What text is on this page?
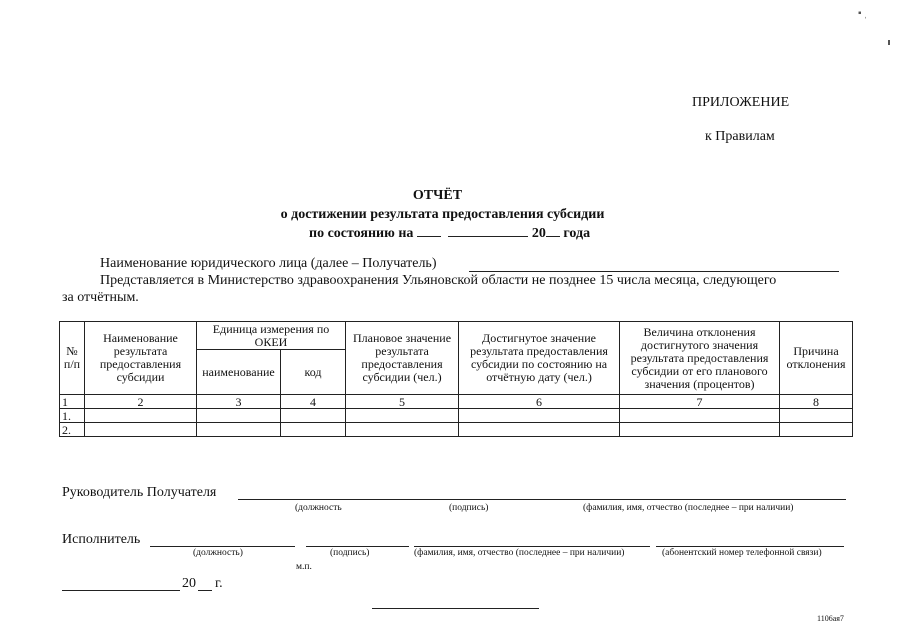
▪ ˌ
ПРИЛОЖЕНИЕ
к Правилам
ОТЧЁТ
о достижении результата предоставления субсидии
по состоянию на	20 года
Наименование юридического лица (далее – Получатель)
Представляется в Министерство здравоохранения Ульяновской области не позднее 15 числа месяца, следующего
за отчётным.
№ п/п	Наименование результата предоставления субсидии	Единица измерения по ОКЕИ		Плановое значение результата предоставления субсидии (чел.)	Достигнутое значение результата предоставления субсидии по состоянию на отчётную дату (чел.)	Величина отклонения достигнутого значения результата предоставления субсидии от его планового значения (процентов)	Причина отклонения
		наименование	код				
1	2	3	4	5	6	7	8
1.							
2.							
Руководитель Получателя
(должность	(подпись)	(фамилия, имя, отчество (последнее – при наличии)
Исполнитель
(должность)	(подпись)	(фамилия, имя, отчество (последнее – при наличии)	(абонентский номер телефонной связи)
м.п.
20 г.
1106ая7
